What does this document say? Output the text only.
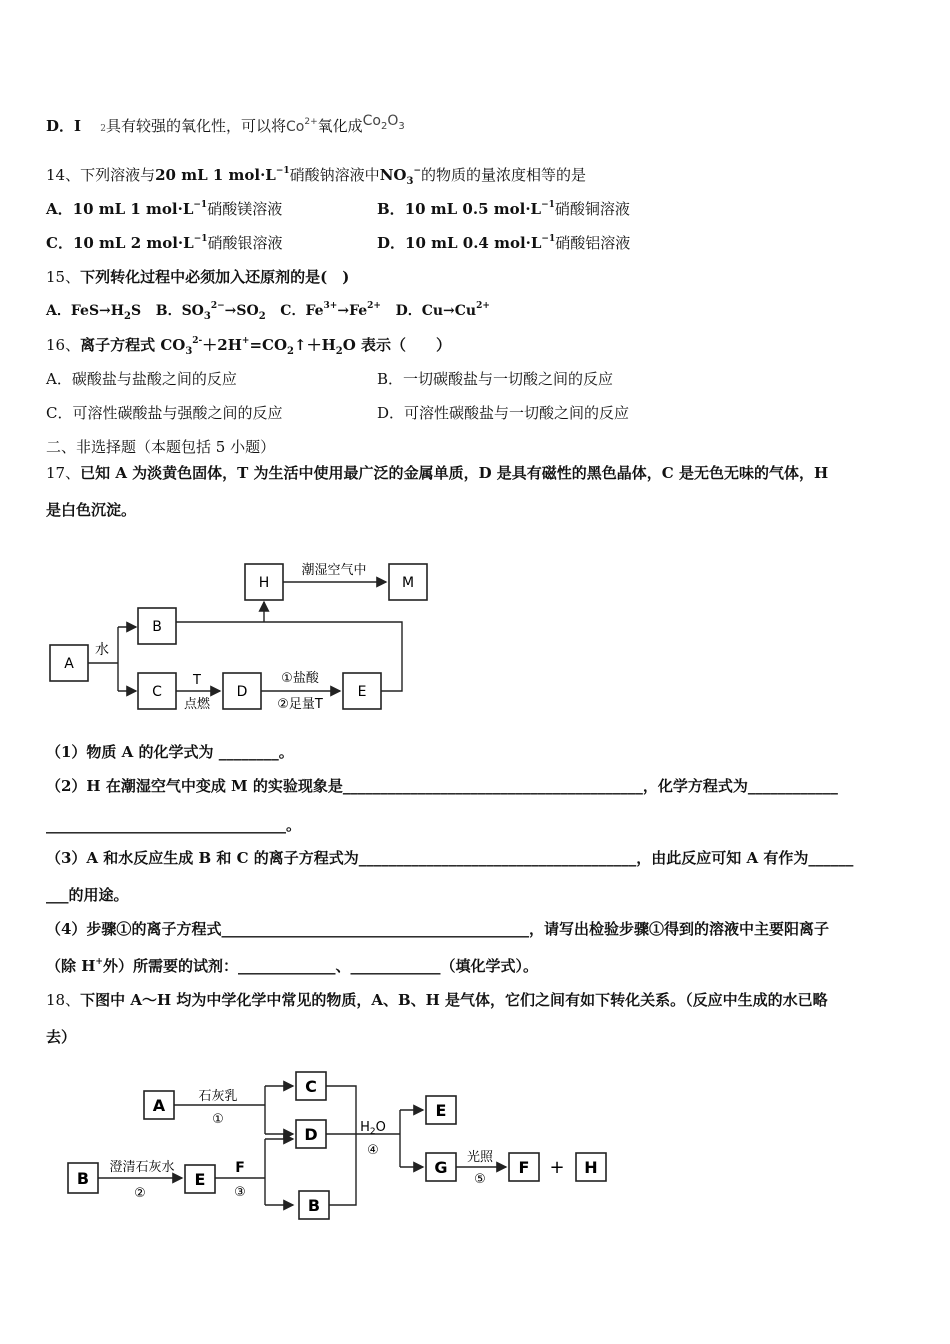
D．I 2具有较强的氧化性，可以将$Co^{2+}$氧化成$Co_2O_3$
14、下列溶液与20 mL 1 $mol\cdot L^{-1}$硝酸钠溶液中$NO_3^-$的物质的量浓度相等的是
A．10 mL 1 $mol\cdot L^{-1}$硝酸镁溶液	B．10 mL 0.5 $mol\cdot L^{-1}$硝酸铜溶液
C．10 mL 2 $mol\cdot L^{-1}$硝酸银溶液	D．10 mL 0.4 $mol\cdot L^{-1}$硝酸铝溶液
15、下列转化过程中必须加入还原剂的是(　)
A．$FeS\to H_2S$ B．$SO_3^{2-}\to SO_2$ C．$Fe^{3+}\to Fe^{2+}$ D．$Cu\to Cu^{2+}$
16、离子方程式 $CO_3^{2-}+2H^+=CO_2↑+H_2O$ 表示（　　）
A．碳酸盐与盐酸之间的反应	B．一切碳酸盐与一切酸之间的反应
C．可溶性碳酸盐与强酸之间的反应	D．可溶性碳酸盐与一切酸之间的反应
二、非选择题（本题包括 5 小题）
17、已知 A 为淡黄色固体，T 为生活中使用最广泛的金属单质，D 是具有磁性的黑色晶体，C 是无色无味的气体，H
是白色沉淀。
A
水
B
C
T
点燃
D
①盐酸
②足量T
E
H
潮湿空气中
M
（1）物质 A 的化学式为 ________。
（2）H 在潮湿空气中变成 M 的实验现象是________________________________________，化学方程式为____________
________________________________。
（3）A 和水反应生成 B 和 C 的离子方程式为_____________________________________，由此反应可知 A 有作为______
___的用途。
（4）步骤①的离子方程式_________________________________________，请写出检验步骤①得到的溶液中主要阳离子
（除 H+外）所需要的试剂：_____________、____________（填化学式）。
18、下图中 A～H 均为中学化学中常见的物质，A、B、H 是气体，它们之间有如下转化关系。（反应中生成的水已略
去）
A	石灰乳
①
C
D
B
澄清石灰水
②
E
F
③
B
$H_2O$
④
E
G
光照
⑤
F + H
